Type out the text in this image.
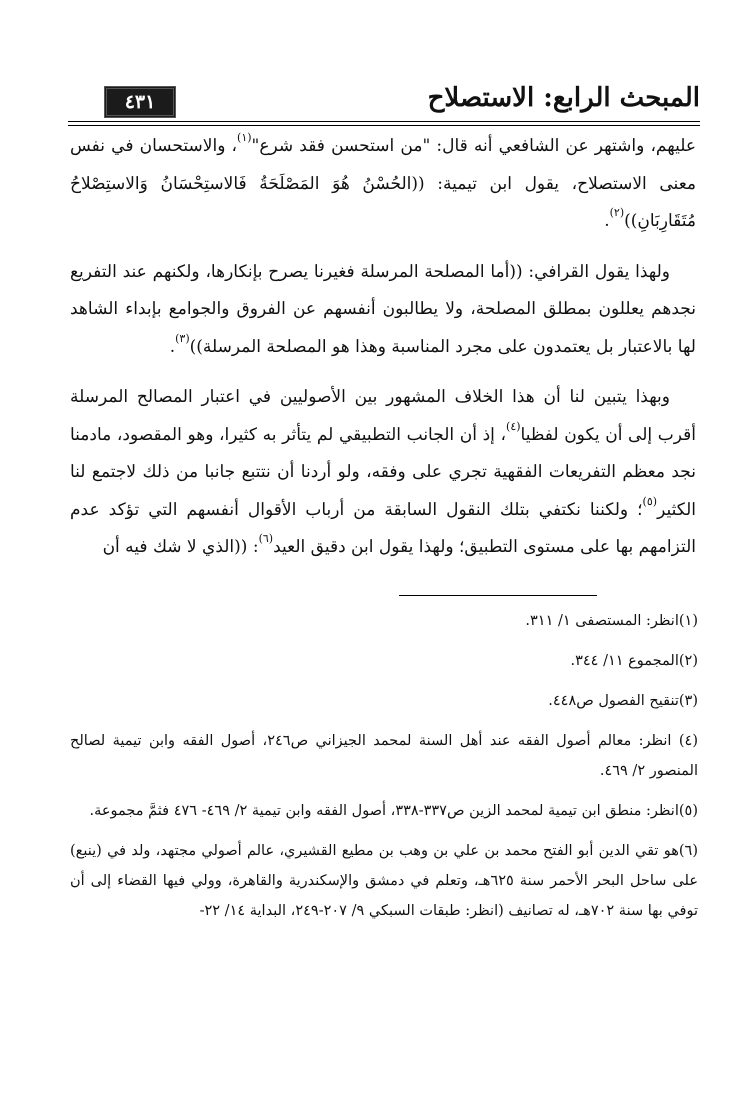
المبحث الرابع: الاستصلاح
٤٣١

عليهم، واشتهر عن الشافعي أنه قال: "من استحسن فقد شرع"$^{(١)}$، والاستحسان في نفس معنى الاستصلاح، يقول ابن تيمية: ((الحُسْنُ هُوَ المَصْلَحَةُ فَالاستِحْسَانُ وَالاستِصْلاحُ مُتَقَارِبَانِ))$^{(٢)}$.

ولهذا يقول القرافي: ((أما المصلحة المرسلة فغيرنا يصرح بإنكارها، ولكنهم عند التفريع نجدهم يعللون بمطلق المصلحة، ولا يطالبون أنفسهم عن الفروق والجوامع بإبداء الشاهد لها بالاعتبار بل يعتمدون على مجرد المناسبة وهذا هو المصلحة المرسلة))$^{(٣)}$.

وبهذا يتبين لنا أن هذا الخلاف المشهور بين الأصوليين في اعتبار المصالح المرسلة أقرب إلى أن يكون لفظيا$^{(٤)}$، إذ أن الجانب التطبيقي لم يتأثر به كثيرا، وهو المقصود، مادمنا نجد معظم التفريعات الفقهية تجري على وفقه، ولو أردنا أن نتتبع جانبا من ذلك لاجتمع لنا الكثير$^{(٥)}$؛ ولكننا نكتفي بتلك النقول السابقة من أرباب الأقوال أنفسهم التي تؤكد عدم التزامهم بها على مستوى التطبيق؛ ولهذا يقول ابن دقيق العيد$^{(٦)}$: ((الذي لا شك فيه أن

(١)انظر: المستصفى ١/ ٣١١.
(٢)المجموع ١١/ ٣٤٤.
(٣)تنقيح الفصول ص٤٤٨.
(٤) انظر: معالم أصول الفقه عند أهل السنة لمحمد الجيزاني ص٢٤٦، أصول الفقه وابن تيمية لصالح المنصور ٢/ ٤٦٩.
(٥)انظر: منطق ابن تيمية لمحمد الزين ص٣٣٧-٣٣٨، أصول الفقه وابن تيمية ٢/ ٤٦٩- ٤٧٦ فثمَّ مجموعة.
(٦)هو تقي الدين أبو الفتح محمد بن علي بن وهب بن مطيع القشيري، عالم أصولي مجتهد، ولد في (ينبع) على ساحل البحر الأحمر سنة ٦٢٥هـ، وتعلم في دمشق والإسكندرية والقاهرة، وولي فيها القضاء إلى أن توفي بها سنة ٧٠٢هـ، له تصانيف (انظر: طبقات السبكي ٩/ ٢٠٧-٢٤٩، البداية ١٤/ ٢٢-
